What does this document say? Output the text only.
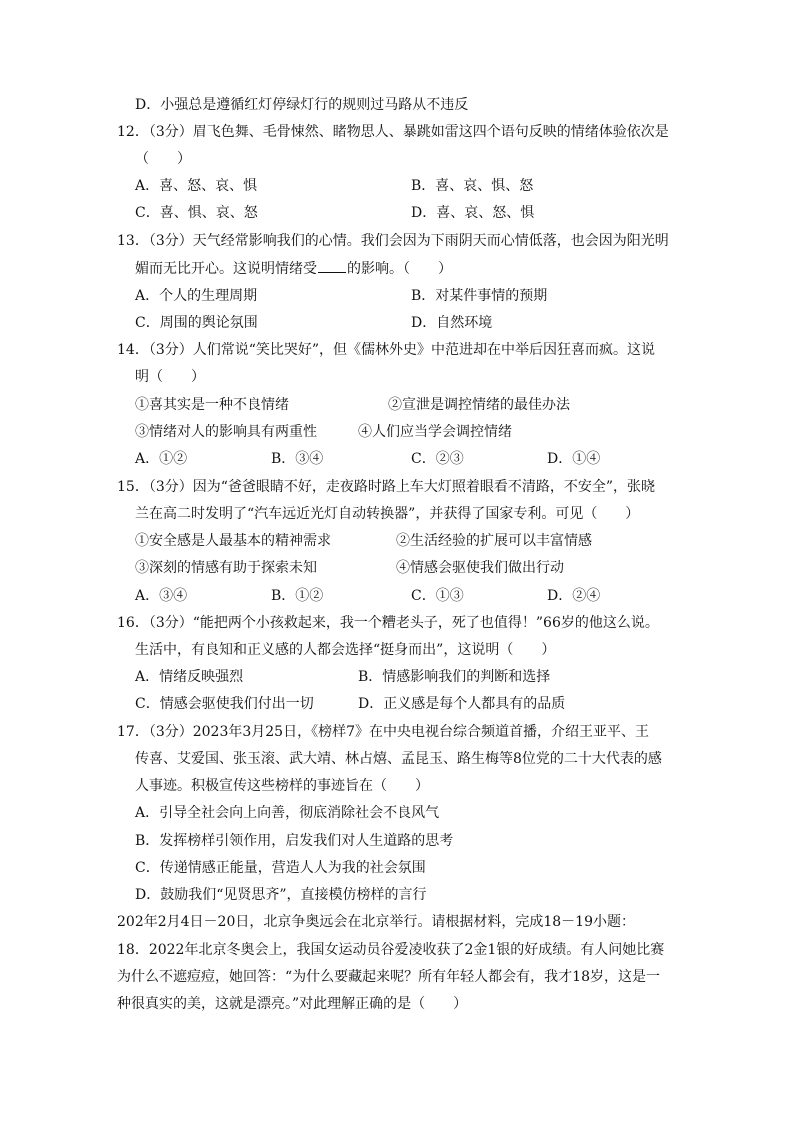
D．小强总是遵循红灯停绿灯行的规则过马路从不违反
12．（3分）眉飞色舞、毛骨悚然、睹物思人、暴跳如雷这四个语句反映的情绪体验依次是
（　　）
A．喜、怒、哀、惧	B．喜、哀、惧、怒
C．喜、惧、哀、怒	D．喜、哀、怒、惧
13．（3分）天气经常影响我们的心情。我们会因为下雨阴天而心情低落，也会因为阳光明
媚而无比开心。这说明情绪受 的影响。（　　）
A．个人的生理周期	B．对某件事情的预期
C．周围的舆论氛围	D．自然环境
14．（3分）人们常说“笑比哭好”，但《儒林外史》中范进却在中举后因狂喜而疯。这说
明（　　）
①喜其实是一种不良情绪	②宣泄是调控情绪的最佳办法
③情绪对人的影响具有两重性	④人们应当学会调控情绪
A．①②	B．③④	C．②③	D．①④
15．（3分）因为“爸爸眼睛不好，走夜路时路上车大灯照着眼看不清路，不安全”，张晓
兰在高二时发明了“汽车远近光灯自动转换器”，并获得了国家专利。可见（　　）
①安全感是人最基本的精神需求	②生活经验的扩展可以丰富情感
③深刻的情感有助于探索未知	④情感会驱使我们做出行动
A．③④	B．①②	C．①③	D．②④
16．（3分）“能把两个小孩救起来，我一个糟老头子，死了也值得！”66岁的他这么说。
生活中，有良知和正义感的人都会选择“挺身而出”，这说明（　　）
A．情绪反映强烈	B．情感影响我们的判断和选择
C．情感会驱使我们付出一切	D．正义感是每个人都具有的品质
17．（3分）2023年3月25日，《榜样7》在中央电视台综合频道首播，介绍王亚平、王
传喜、艾爱国、张玉滚、武大靖、林占熺、孟昆玉、路生梅等8位党的二十大代表的感
人事迹。积极宣传这些榜样的事迹旨在（　　）
A．引导全社会向上向善，彻底消除社会不良风气
B．发挥榜样引领作用，启发我们对人生道路的思考
C．传递情感正能量，营造人人为我的社会氛围
D．鼓励我们“见贤思齐”，直接模仿榜样的言行
202年2月4日－20日，北京争奥远会在北京举行。请根据材料，完成18－19小题：
18．2022年北京冬奥会上，我国女运动员谷爱凌收获了2金1银的好成绩。有人问她比赛
为什么不遮痘痘，她回答：“为什么要藏起来呢？所有年轻人都会有，我才18岁，这是一
种很真实的美，这就是漂亮。”对此理解正确的是（　　）
